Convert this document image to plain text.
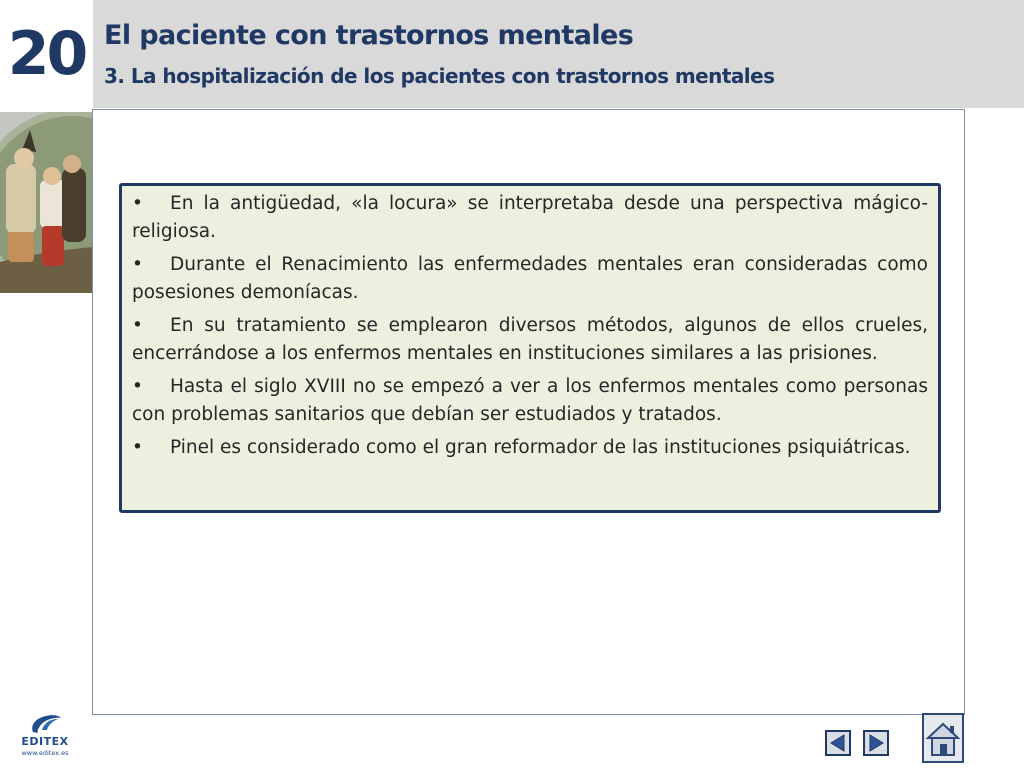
20 El paciente con trastornos mentales
3. La hospitalización de los pacientes con trastornos mentales

• En la antigüedad, «la locura» se interpretaba desde una perspectiva mágico-religiosa.

• Durante el Renacimiento las enfermedades mentales eran consideradas como posesiones demoníacas.

• En su tratamiento se emplearon diversos métodos, algunos de ellos crueles, encerrándose a los enfermos mentales en instituciones similares a las prisiones.

• Hasta el siglo XVIII no se empezó a ver a los enfermos mentales como personas con problemas sanitarios que debían ser estudiados y tratados.

• Pinel es considerado como el gran reformador de las instituciones psiquiátricas.

EDITEX
www.editex.es
